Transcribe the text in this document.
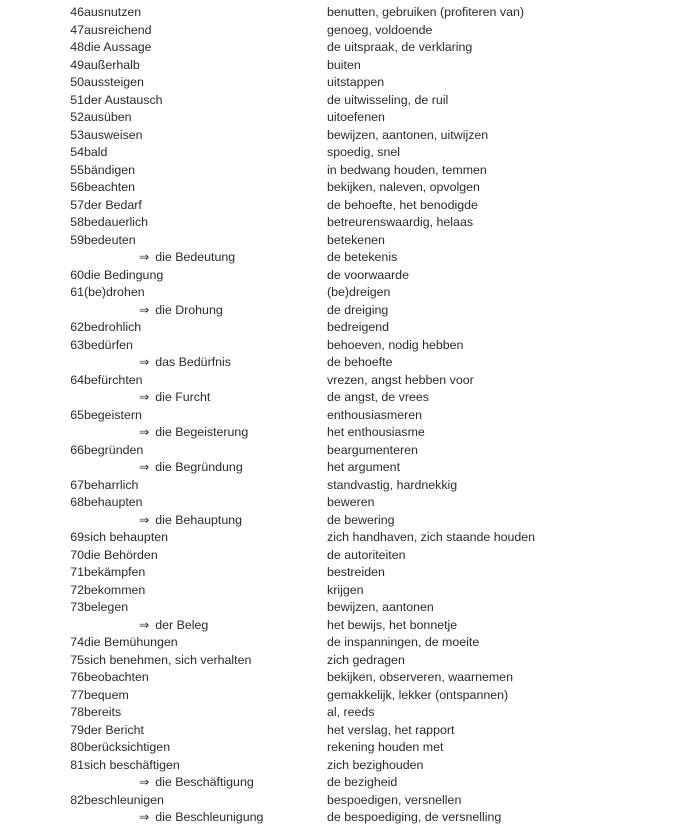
46	ausnutzen	benutten, gebruiken (profiteren van)
47	ausreichend	genoeg, voldoende
48	die Aussage	de uitspraak, de verklaring
49	außerhalb	buiten
50	aussteigen	uitstappen
51	der Austausch	de uitwisseling, de ruil
52	ausüben	uitoefenen
53	ausweisen	bewijzen, aantonen, uitwijzen
54	bald	spoedig, snel
55	bändigen	in bedwang houden, temmen
56	beachten	bekijken, naleven, opvolgen
57	der Bedarf	de behoefte, het benodigde
58	bedauerlich	betreurenswaardig, helaas
59	bedeuten	betekenen
	⇒ die Bedeutung	de betekenis
60	die Bedingung	de voorwaarde
61	(be)drohen	(be)dreigen
	⇒ die Drohung	de dreiging
62	bedrohlich	bedreigend
63	bedürfen	behoeven, nodig hebben
	⇒ das Bedürfnis	de behoefte
64	befürchten	vrezen, angst hebben voor
	⇒ die Furcht	de angst, de vrees
65	begeistern	enthousiasmeren
	⇒ die Begeisterung	het enthousiasme
66	begründen	beargumenteren
	⇒ die Begründung	het argument
67	beharrlich	standvastig, hardnekkig
68	behaupten	beweren
	⇒ die Behauptung	de bewering
69	sich behaupten	zich handhaven, zich staande houden
70	die Behörden	de autoriteiten
71	bekämpfen	bestreiden
72	bekommen	krijgen
73	belegen	bewijzen, aantonen
	⇒ der Beleg	het bewijs, het bonnetje
74	die Bemühungen	de inspanningen, de moeite
75	sich benehmen, sich verhalten	zich gedragen
76	beobachten	bekijken, observeren, waarnemen
77	bequem	gemakkelijk, lekker (ontspannen)
78	bereits	al, reeds
79	der Bericht	het verslag, het rapport
80	berücksichtigen	rekening houden met
81	sich beschäftigen	zich bezighouden
	⇒ die Beschäftigung	de bezigheid
82	beschleunigen	bespoedigen, versnellen
	⇒ die Beschleunigung	de bespoediging, de versnelling
